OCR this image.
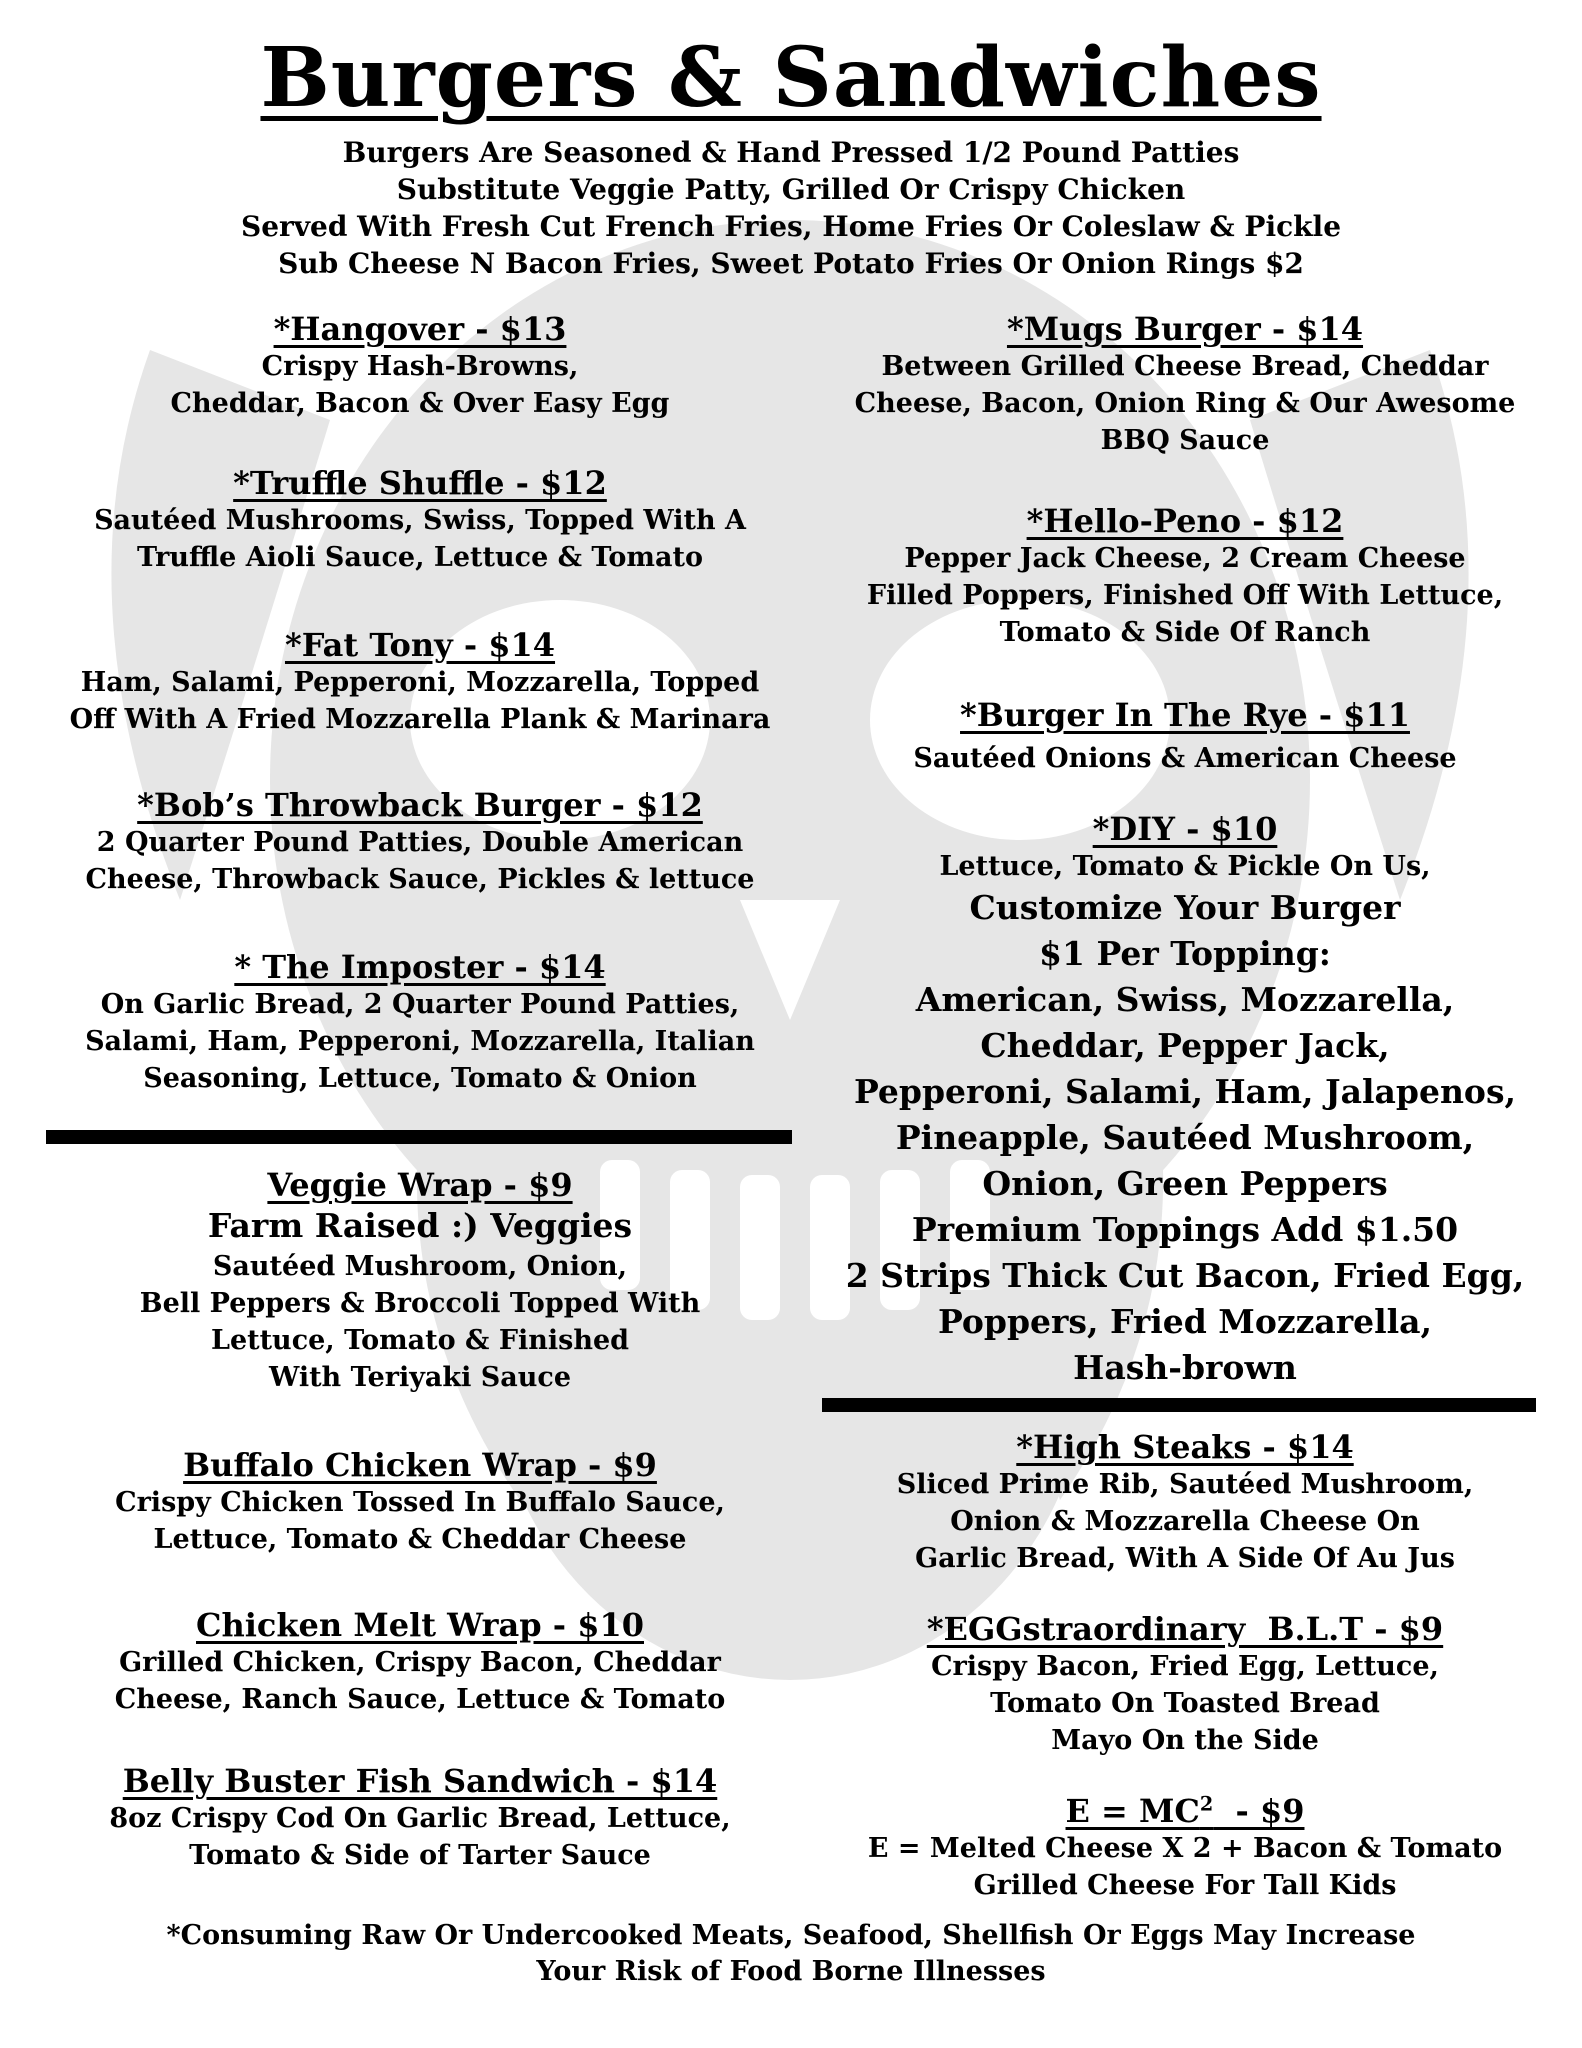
Burgers & Sandwiches
Burgers Are Seasoned & Hand Pressed 1/2 Pound Patties
Substitute Veggie Patty, Grilled Or Crispy Chicken
Served With Fresh Cut French Fries, Home Fries Or Coleslaw & Pickle
Sub Cheese N Bacon Fries, Sweet Potato Fries Or Onion Rings $2
*Hangover - $13
Crispy Hash-Browns,
Cheddar, Bacon & Over Easy Egg
*Truffle Shuffle - $12
Sautéed Mushrooms, Swiss, Topped With A
Truffle Aioli Sauce, Lettuce & Tomato
*Fat Tony - $14
Ham, Salami, Pepperoni, Mozzarella, Topped
Off With A Fried Mozzarella Plank & Marinara
*Bob’s Throwback Burger - $12
2 Quarter Pound Patties, Double American
Cheese, Throwback Sauce, Pickles & lettuce
* The Imposter - $14
On Garlic Bread, 2 Quarter Pound Patties,
Salami, Ham, Pepperoni, Mozzarella, Italian
Seasoning, Lettuce, Tomato & Onion
Veggie Wrap - $9
Farm Raised :) Veggies
Sautéed Mushroom, Onion,
Bell Peppers & Broccoli Topped With
Lettuce, Tomato & Finished
With Teriyaki Sauce
Buffalo Chicken Wrap - $9
Crispy Chicken Tossed In Buffalo Sauce,
Lettuce, Tomato & Cheddar Cheese
Chicken Melt Wrap - $10
Grilled Chicken, Crispy Bacon, Cheddar
Cheese, Ranch Sauce, Lettuce & Tomato
Belly Buster Fish Sandwich - $14
8oz Crispy Cod On Garlic Bread, Lettuce,
Tomato & Side of Tarter Sauce
*Mugs Burger - $14
Between Grilled Cheese Bread, Cheddar
Cheese, Bacon, Onion Ring & Our Awesome
BBQ Sauce
*Hello-Peno - $12
Pepper Jack Cheese, 2 Cream Cheese
Filled Poppers, Finished Off With Lettuce,
Tomato & Side Of Ranch
*Burger In The Rye - $11
Sautéed Onions & American Cheese
*DIY - $10
Lettuce, Tomato & Pickle On Us,
Customize Your Burger
$1 Per Topping:
American, Swiss, Mozzarella,
Cheddar, Pepper Jack,
Pepperoni, Salami, Ham, Jalapenos,
Pineapple, Sautéed Mushroom,
Onion, Green Peppers
Premium Toppings Add $1.50
2 Strips Thick Cut Bacon, Fried Egg,
Poppers, Fried Mozzarella,
Hash-brown
*High Steaks - $14
Sliced Prime Rib, Sautéed Mushroom,
Onion & Mozzarella Cheese On
Garlic Bread, With A Side Of Au Jus
*EGGstraordinary  B.L.T - $9
Crispy Bacon, Fried Egg, Lettuce,
Tomato On Toasted Bread
Mayo On the Side
$E = MC^2$  - $9
E = Melted Cheese X 2 + Bacon & Tomato
Grilled Cheese For Tall Kids
*Consuming Raw Or Undercooked Meats, Seafood, Shellfish Or Eggs May Increase
Your Risk of Food Borne Illnesses
